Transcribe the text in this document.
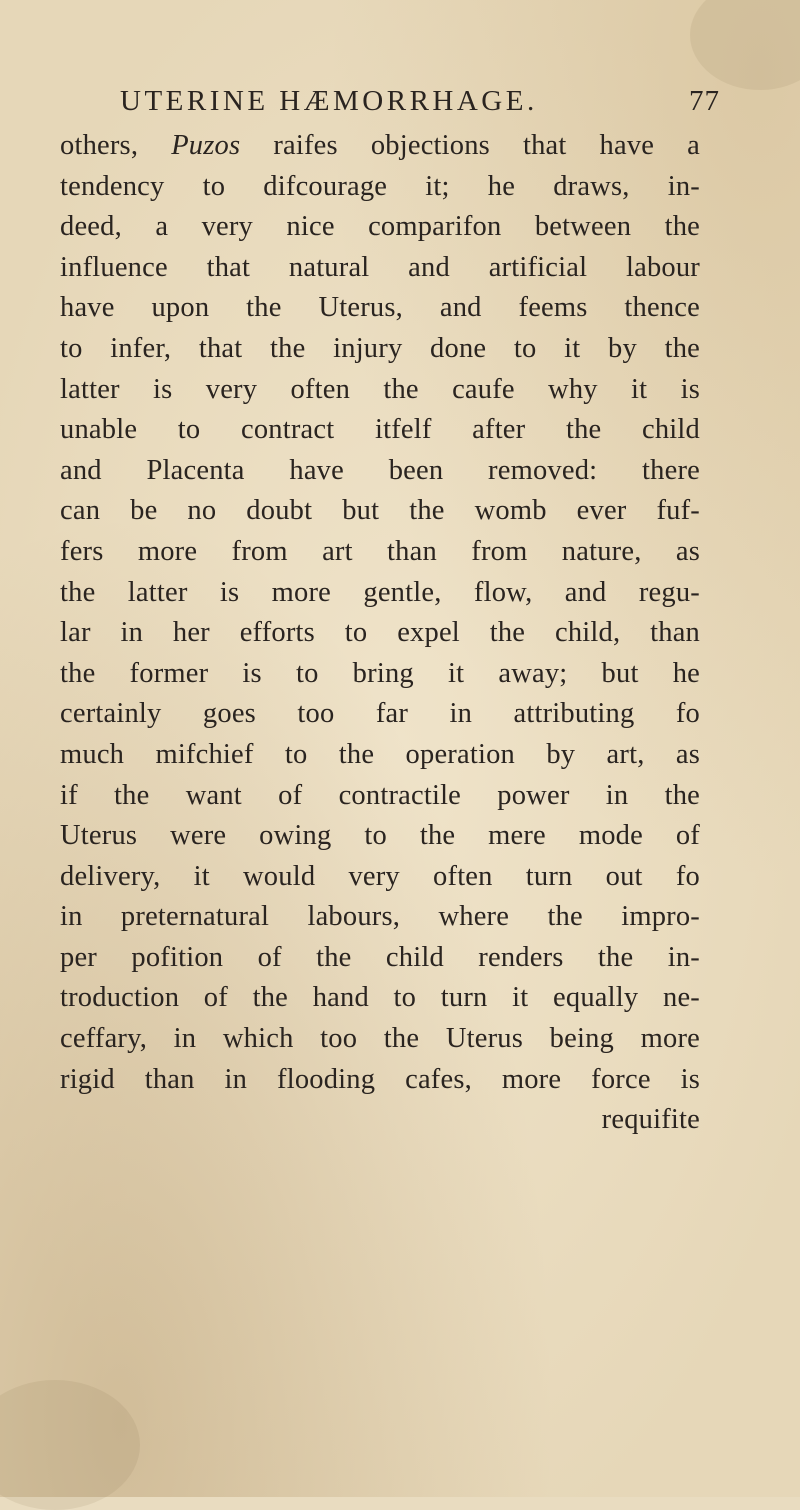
UTERINE HÆMORRHAGE.	77
others, Puzos raifes objections that have a
tendency to difcourage it; he draws, in-
deed, a very nice comparifon between the
influence that natural and artificial labour
have upon the Uterus, and feems thence
to infer, that the injury done to it by the
latter is very often the caufe why it is
unable to contract itfelf after the child
and Placenta have been removed: there
can be no doubt but the womb ever fuf-
fers more from art than from nature, as
the latter is more gentle, flow, and regu-
lar in her efforts to expel the child, than
the former is to bring it away; but he
certainly goes too far in attributing fo
much mifchief to the operation by art, as
if the want of contractile power in the
Uterus were owing to the mere mode of
delivery, it would very often turn out fo
in preternatural labours, where the impro-
per pofition of the child renders the in-
troduction of the hand to turn it equally ne-
ceffary, in which too the Uterus being more
rigid than in flooding cafes, more force is
requifite
